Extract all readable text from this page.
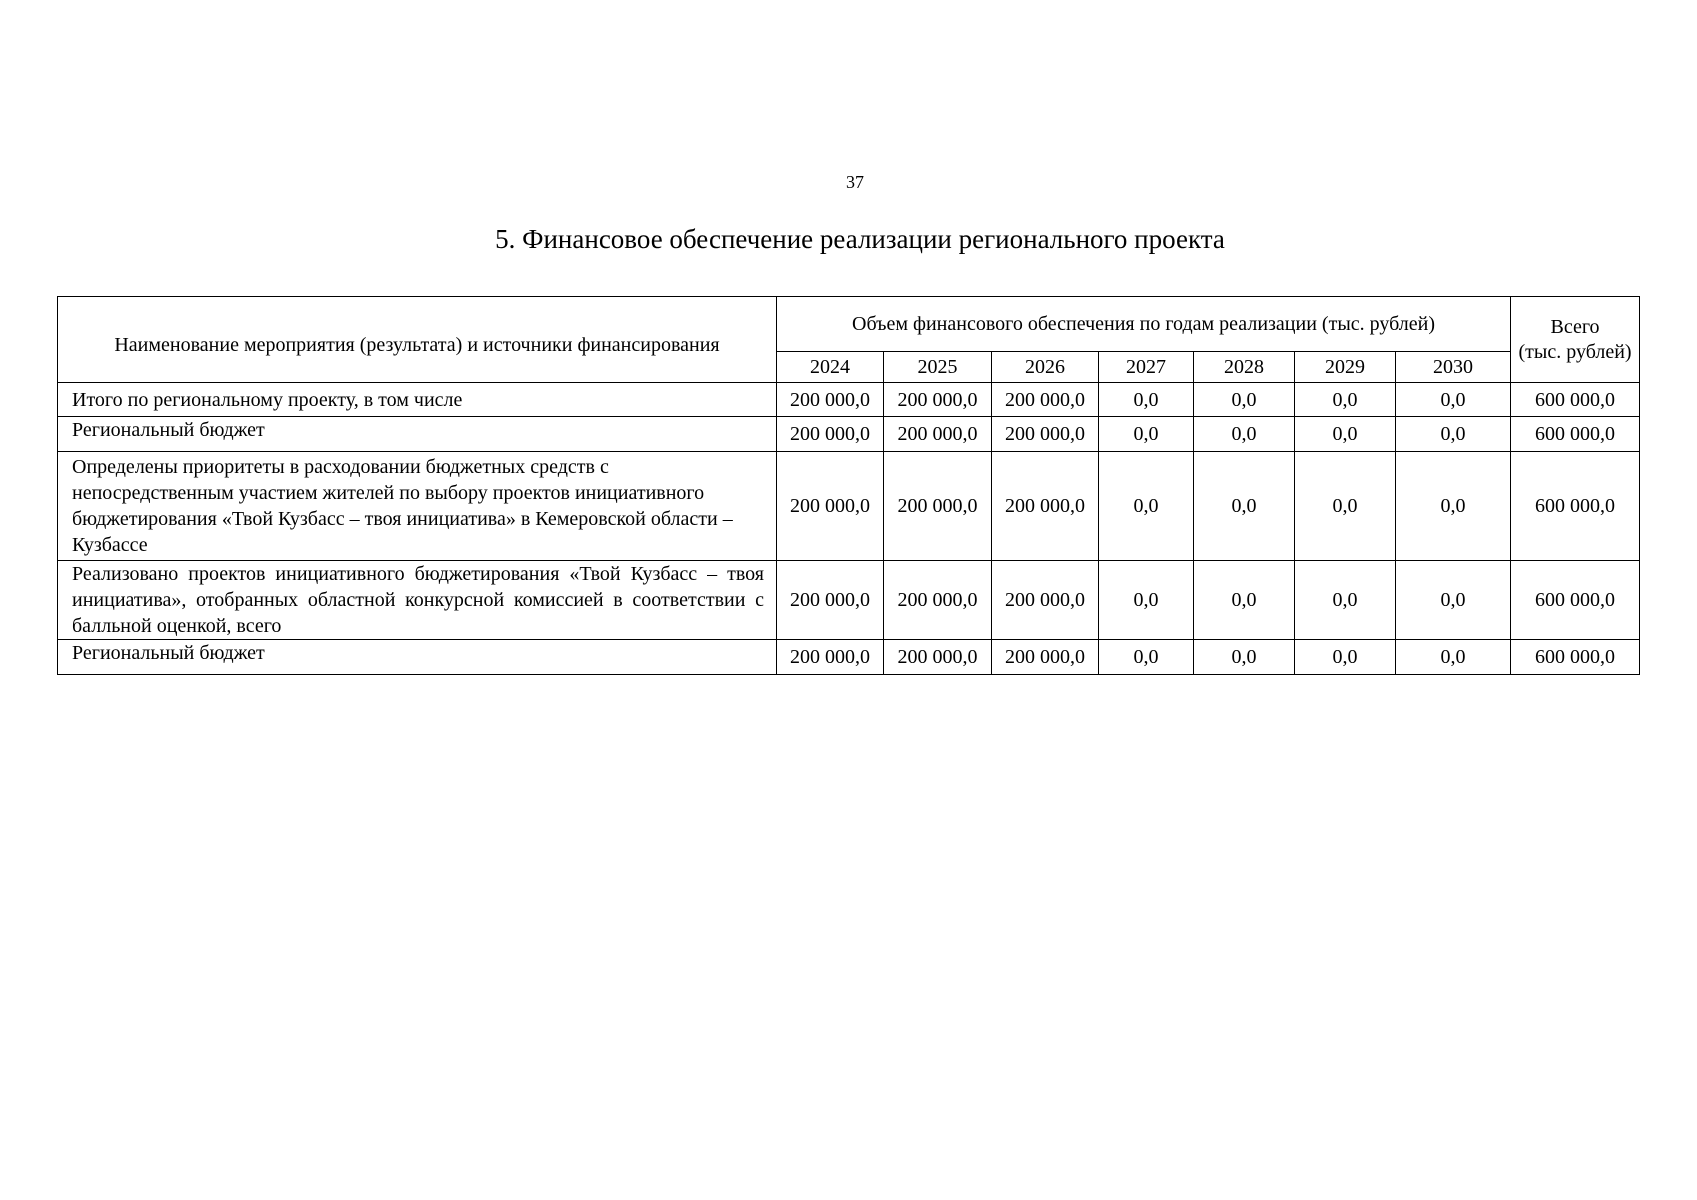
37
5. Финансовое обеспечение реализации регионального проекта
Наименование мероприятия (результата) и источники финансирования	Объем финансового обеспечения по годам реализации (тыс. рублей)							Всего
(тыс. рублей)

	2024	2025	2026	2027	2028	2029	2030	
Итого по региональному проекту, в том числе	200 000,0	200 000,0	200 000,0	0,0	0,0	0,0	0,0	600 000,0
Региональный бюджет	200 000,0	200 000,0	200 000,0	0,0	0,0	0,0	0,0	600 000,0
Определены приоритеты в расходовании бюджетных средств с непосредственным участием жителей по выбору проектов инициативного бюджетирования «Твой Кузбасс – твоя инициатива» в Кемеровской области – Кузбассе	200 000,0	200 000,0	200 000,0	0,0	0,0	0,0	0,0	600 000,0
Реализовано проектов инициативного бюджетирования «Твой Кузбасс – твоя инициатива», отобранных областной конкурсной комиссией в соответствии с балльной оценкой, всего	200 000,0	200 000,0	200 000,0	0,0	0,0	0,0	0,0	600 000,0
Региональный бюджет	200 000,0	200 000,0	200 000,0	0,0	0,0	0,0	0,0	600 000,0
